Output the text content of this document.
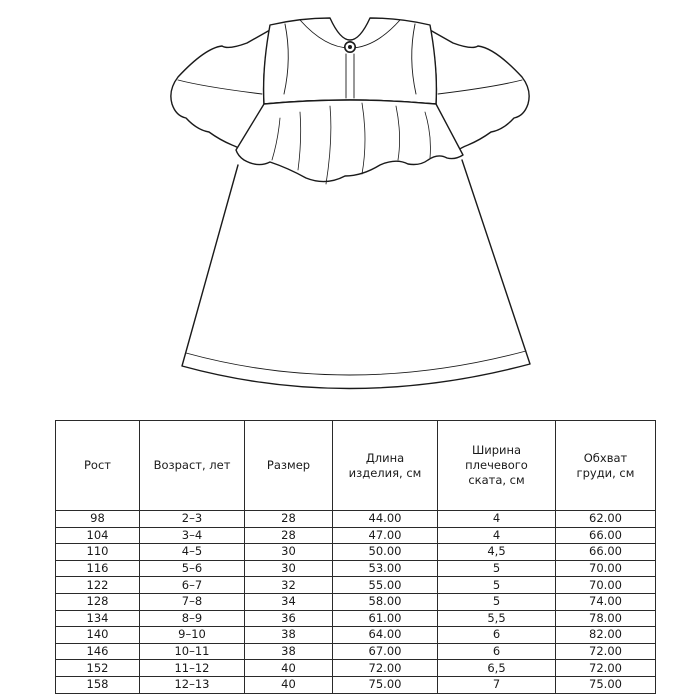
Рост	Возраст, лет	Размер	Длина изделия, см	Ширина плечевого ската, см	Обхват груди, см
98	2–3	28	44.00	4	62.00
104	3–4	28	47.00	4	66.00
110	4–5	30	50.00	4,5	66.00
116	5–6	30	53.00	5	70.00
122	6–7	32	55.00	5	70.00
128	7–8	34	58.00	5	74.00
134	8–9	36	61.00	5,5	78.00
140	9–10	38	64.00	6	82.00
146	10–11	38	67.00	6	72.00
152	11–12	40	72.00	6,5	72.00
158	12–13	40	75.00	7	75.00
